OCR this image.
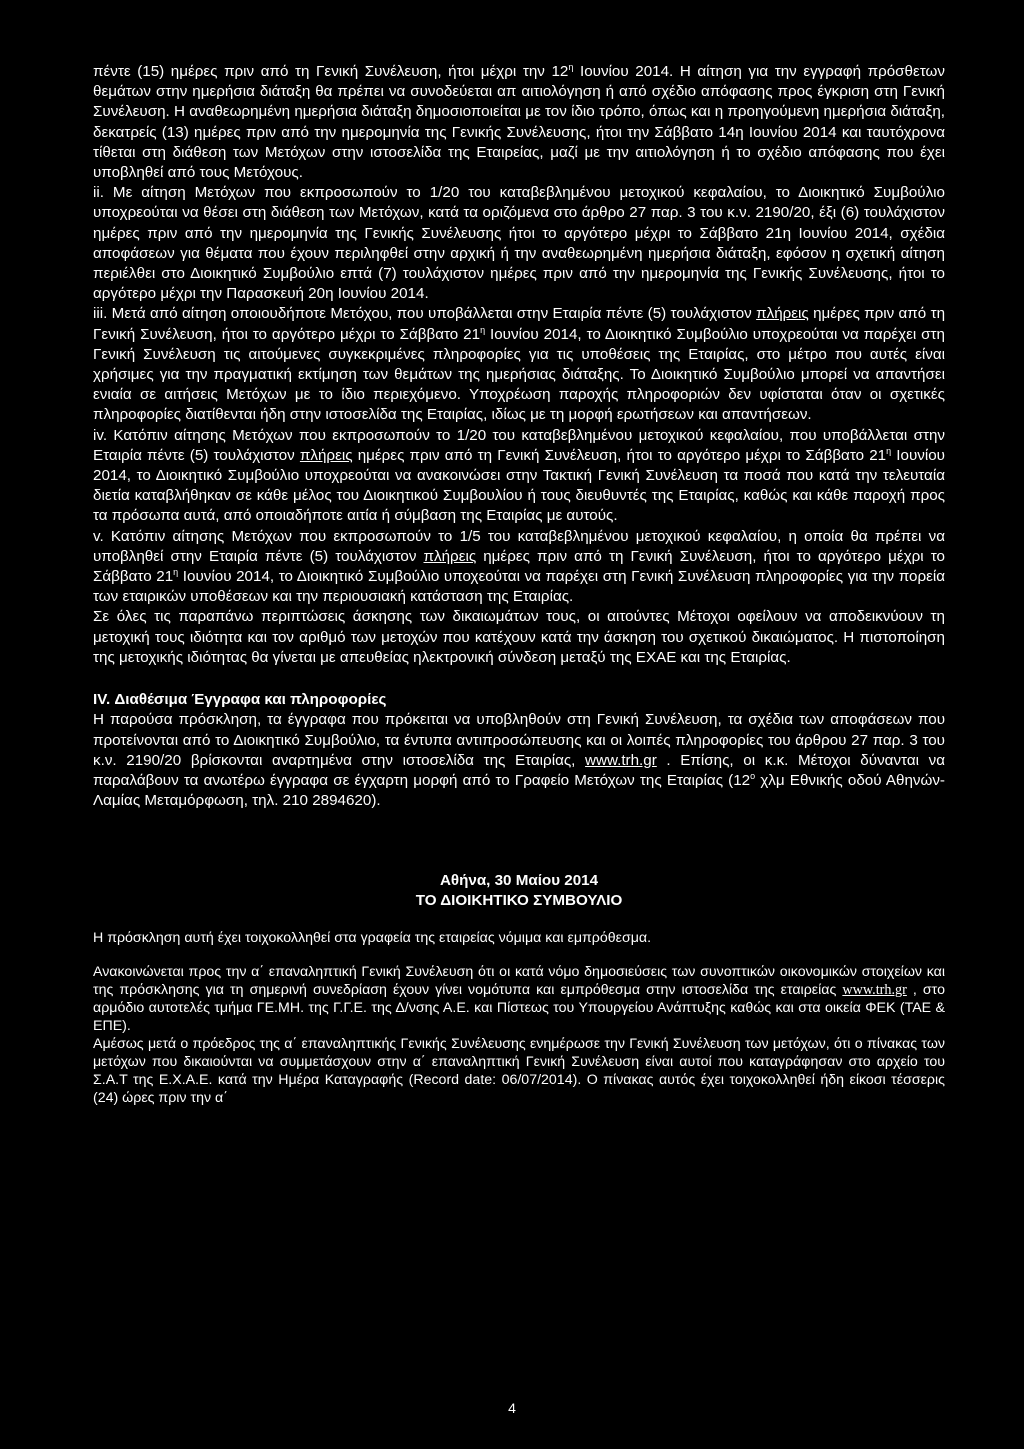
πέντε (15) ημέρες πριν από τη Γενική Συνέλευση, ήτοι μέχρι την $12^\eta$ Ιουνίου 2014. Η αίτηση για την εγγραφή πρόσθετων θεμάτων στην ημερήσια διάταξη θα πρέπει να συνοδεύεται απ αιτιολόγηση ή από σχέδιο απόφασης προς έγκριση στη Γενική Συνέλευση. Η αναθεωρημένη ημερήσια διάταξη δημοσιοποιείται με τον ίδιο τρόπο, όπως και η προηγούμενη ημερήσια διάταξη, δεκατρείς (13) ημέρες πριν από την ημερομηνία της Γενικής Συνέλευσης, ήτοι την Σάββατο 14η Ιουνίου 2014 και ταυτόχρονα τίθεται στη διάθεση των Μετόχων στην ιστοσελίδα της Εταιρείας, μαζί με την αιτιολόγηση ή το σχέδιο απόφασης που έχει υποβληθεί από τους Μετόχους.

ii. Με αίτηση Μετόχων που εκπροσωπούν το 1/20 του καταβεβλημένου μετοχικού κεφαλαίου, το Διοικητικό Συμβούλιο υποχρεούται να θέσει στη διάθεση των Μετόχων, κατά τα οριζόμενα στο άρθρο 27 παρ. 3 του κ.ν. 2190/20, έξι (6) τουλάχιστον ημέρες πριν από την ημερομηνία της Γενικής Συνέλευσης ήτοι το αργότερο μέχρι το Σάββατο 21η Ιουνίου 2014, σχέδια αποφάσεων για θέματα που έχουν περιληφθεί στην αρχική ή την αναθεωρημένη ημερήσια διάταξη, εφόσον η σχετική αίτηση περιέλθει στο Διοικητικό Συμβούλιο επτά (7) τουλάχιστον ημέρες πριν από την ημερομηνία της Γενικής Συνέλευσης, ήτοι το αργότερο μέχρι την Παρασκευή 20η Ιουνίου 2014.

iii. Μετά από αίτηση οποιουδήποτε Μετόχου, που υποβάλλεται στην Εταιρία πέντε (5) τουλάχιστον πλήρεις ημέρες πριν από τη Γενική Συνέλευση, ήτοι το αργότερο μέχρι το Σάββατο $21^\eta$ Ιουνίου 2014, το Διοικητικό Συμβούλιο υποχρεούται να παρέχει στη Γενική Συνέλευση τις αιτούμενες συγκεκριμένες πληροφορίες για τις υποθέσεις της Εταιρίας, στο μέτρο που αυτές είναι χρήσιμες για την πραγματική εκτίμηση των θεμάτων της ημερήσιας διάταξης. Το Διοικητικό Συμβούλιο μπορεί να απαντήσει ενιαία σε αιτήσεις Μετόχων με το ίδιο περιεχόμενο. Υποχρέωση παροχής πληροφοριών δεν υφίσταται όταν οι σχετικές πληροφορίες διατίθενται ήδη στην ιστοσελίδα της Εταιρίας, ιδίως με τη μορφή ερωτήσεων και απαντήσεων.

iv. Κατόπιν αίτησης Μετόχων που εκπροσωπούν το 1/20 του καταβεβλημένου μετοχικού κεφαλαίου, που υποβάλλεται στην Εταιρία πέντε (5) τουλάχιστον πλήρεις ημέρες πριν από τη Γενική Συνέλευση, ήτοι το αργότερο μέχρι το Σάββατο $21^\eta$ Ιουνίου 2014, το Διοικητικό Συμβούλιο υποχρεούται να ανακοινώσει στην Τακτική Γενική Συνέλευση τα ποσά που κατά την τελευταία διετία καταβλήθηκαν σε κάθε μέλος του Διοικητικού Συμβουλίου ή τους διευθυντές της Εταιρίας, καθώς και κάθε παροχή προς τα πρόσωπα αυτά, από οποιαδήποτε αιτία ή σύμβαση της Εταιρίας με αυτούς.

v. Κατόπιν αίτησης Μετόχων που εκπροσωπούν το 1/5 του καταβεβλημένου μετοχικού κεφαλαίου, η οποία θα πρέπει να υποβληθεί στην Εταιρία πέντε (5) τουλάχιστον πλήρεις ημέρες πριν από τη Γενική Συνέλευση, ήτοι το αργότερο μέχρι το Σάββατο $21^\eta$ Ιουνίου 2014, το Διοικητικό Συμβούλιο υποχεούται να παρέχει στη Γενική Συνέλευση πληροφορίες για την πορεία των εταιρικών υποθέσεων και την περιουσιακή κατάσταση της Εταιρίας.

Σε όλες τις παραπάνω περιπτώσεις άσκησης των δικαιωμάτων τους, οι αιτούντες Μέτοχοι οφείλουν να αποδεικνύουν τη μετοχική τους ιδιότητα και τον αριθμό των μετοχών που κατέχουν κατά την άσκηση του σχετικού δικαιώματος. Η πιστοποίηση της μετοχικής ιδιότητας θα γίνεται με απευθείας ηλεκτρονική σύνδεση μεταξύ της ΕΧΑΕ και της Εταιρίας.

IV. Διαθέσιμα Έγγραφα και πληροφορίες

Η παρούσα πρόσκληση, τα έγγραφα που πρόκειται να υποβληθούν στη Γενική Συνέλευση, τα σχέδια των αποφάσεων που προτείνονται από το Διοικητικό Συμβούλιο, τα έντυπα αντιπροσώπευσης και οι λοιπές πληροφορίες του άρθρου 27 παρ. 3 του κ.ν. 2190/20 βρίσκονται αναρτημένα στην ιστοσελίδα της Εταιρίας, www.trh.gr . Επίσης, οι κ.κ. Μέτοχοι δύνανται να παραλάβουν τα ανωτέρω έγγραφα σε έγχαρτη μορφή από το Γραφείο Μετόχων της Εταιρίας ($12^o$ χλμ Εθνικής οδού Αθηνών-Λαμίας Μεταμόρφωση, τηλ. 210 2894620).

Αθήνα, 30 Μαίου 2014

ΤΟ ΔΙΟΙΚΗΤΙΚΟ ΣΥΜΒΟΥΛΙΟ

Η πρόσκληση αυτή έχει τοιχοκολληθεί στα γραφεία της εταιρείας νόμιμα και εμπρόθεσμα.

Ανακοινώνεται προς την α΄ επαναληπτική Γενική Συνέλευση ότι οι κατά νόμο δημοσιεύσεις των συνοπτικών οικονομικών στοιχείων και της πρόσκλησης για τη σημερινή συνεδρίαση έχουν γίνει νομότυπα και εμπρόθεσμα στην ιστοσελίδα της εταιρείας www.trh.gr , στο αρμόδιο αυτοτελές τμήμα ΓΕ.ΜΗ. της Γ.Γ.Ε. της Δ/νσης Α.Ε. και Πίστεως του Υπουργείου Ανάπτυξης καθώς και στα οικεία ΦΕΚ (ΤΑΕ & ΕΠΕ).

Αμέσως μετά ο πρόεδρος της α΄ επαναληπτικής Γενικής Συνέλευσης ενημέρωσε την Γενική Συνέλευση των μετόχων, ότι ο πίνακας των μετόχων που δικαιούνται να συμμετάσχουν στην α΄ επαναληπτική Γενική Συνέλευση είναι αυτοί που καταγράφησαν στο αρχείο του Σ.Α.Τ της Ε.Χ.Α.Ε. κατά την Ημέρα Καταγραφής (Record date: 06/07/2014). Ο πίνακας αυτός έχει τοιχοκολληθεί ήδη είκοσι τέσσερις (24) ώρες πριν την α΄

4
